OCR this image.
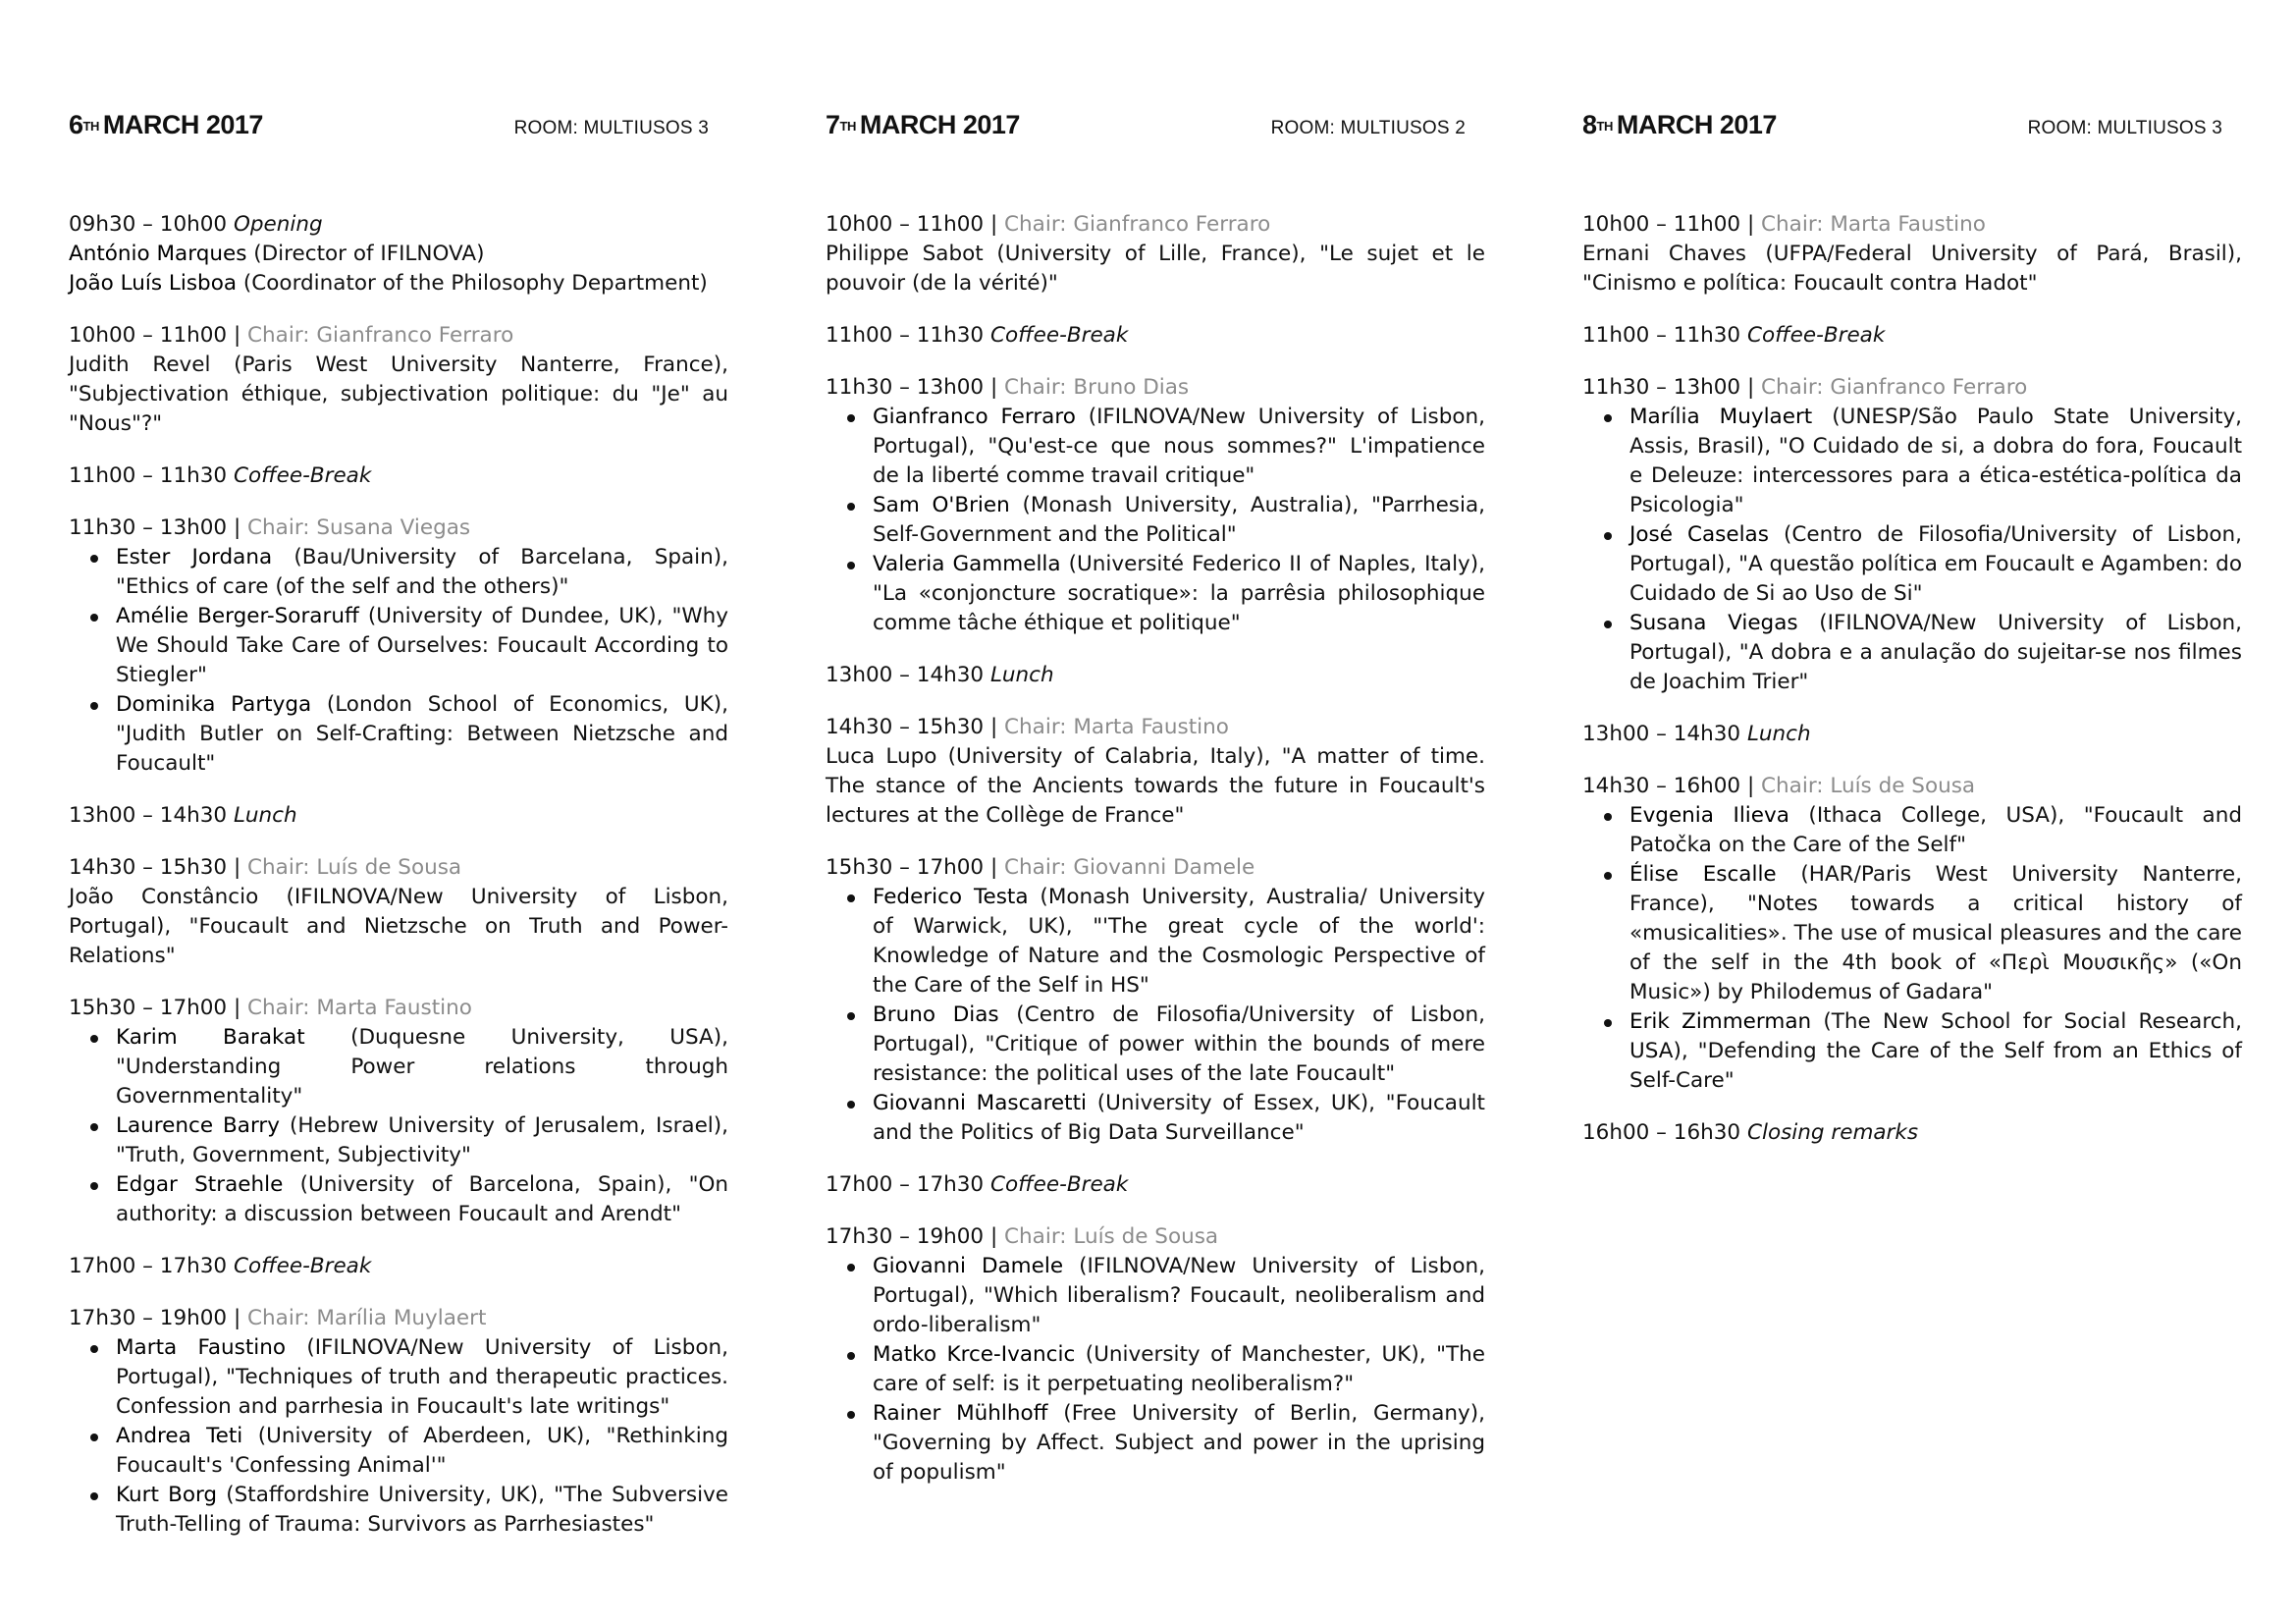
6TH MARCH 2017	ROOM: MULTIUSOS 3
09h30 – 10h00 Opening
António Marques (Director of IFILNOVA)
João Luís Lisboa (Coordinator of the Philosophy Department)
10h00 – 11h00 | Chair: Gianfranco Ferraro
Judith Revel (Paris West University Nanterre, France), "Subjectivation éthique, subjectivation politique: du "Je" au "Nous"?"
11h00 – 11h30 Coffee-Break
11h30 – 13h00 | Chair: Susana Viegas
Ester Jordana (Bau/University of Barcelana, Spain), "Ethics of care (of the self and the others)"
Amélie Berger-Soraruff (University of Dundee, UK), "Why We Should Take Care of Ourselves: Foucault According to Stiegler"
Dominika Partyga (London School of Economics, UK), "Judith Butler on Self-Crafting: Between Nietzsche and Foucault"
13h00 – 14h30 Lunch
14h30 – 15h30 | Chair: Luís de Sousa
João Constâncio (IFILNOVA/New University of Lisbon, Portugal), "Foucault and Nietzsche on Truth and Power-Relations"
15h30 – 17h00 | Chair: Marta Faustino
Karim Barakat (Duquesne University, USA), "Understanding Power relations through Governmentality"
Laurence Barry (Hebrew University of Jerusalem, Israel), "Truth, Government, Subjectivity"
Edgar Straehle (University of Barcelona, Spain), "On authority: a discussion between Foucault and Arendt"
17h00 – 17h30 Coffee-Break
17h30 – 19h00 | Chair: Marília Muylaert
Marta Faustino (IFILNOVA/New University of Lisbon, Portugal), "Techniques of truth and therapeutic practices. Confession and parrhesia in Foucault's late writings"
Andrea Teti (University of Aberdeen, UK), "Rethinking Foucault's 'Confessing Animal'"
Kurt Borg (Staffordshire University, UK), "The Subversive Truth-Telling of Trauma: Survivors as Parrhesiastes"
7TH MARCH 2017	ROOM: MULTIUSOS 2
10h00 – 11h00 | Chair: Gianfranco Ferraro
Philippe Sabot (University of Lille, France), "Le sujet et le pouvoir (de la vérité)"
11h00 – 11h30 Coffee-Break
11h30 – 13h00 | Chair: Bruno Dias
Gianfranco Ferraro (IFILNOVA/New University of Lisbon, Portugal), "Qu'est-ce que nous sommes?" L'impatience de la liberté comme travail critique"
Sam O'Brien (Monash University, Australia), "Parrhesia, Self-Government and the Political"
Valeria Gammella (Université Federico II of Naples, Italy), "La «conjoncture socratique»: la parrêsia philosophique comme tâche éthique et politique"
13h00 – 14h30 Lunch
14h30 – 15h30 | Chair: Marta Faustino
Luca Lupo (University of Calabria, Italy), "A matter of time. The stance of the Ancients towards the future in Foucault's lectures at the Collège de France"
15h30 – 17h00 | Chair: Giovanni Damele
Federico Testa (Monash University, Australia/ University of Warwick, UK), "'The great cycle of the world': Knowledge of Nature and the Cosmologic Perspective of the Care of the Self in HS"
Bruno Dias (Centro de Filosofia/University of Lisbon, Portugal), "Critique of power within the bounds of mere resistance: the political uses of the late Foucault"
Giovanni Mascaretti (University of Essex, UK), "Foucault and the Politics of Big Data Surveillance"
17h00 – 17h30 Coffee-Break
17h30 – 19h00 | Chair: Luís de Sousa
Giovanni Damele (IFILNOVA/New University of Lisbon, Portugal), "Which liberalism? Foucault, neoliberalism and ordo-liberalism"
Matko Krce-Ivancic (University of Manchester, UK), "The care of self: is it perpetuating neoliberalism?"
Rainer Mühlhoff (Free University of Berlin, Germany), "Governing by Affect. Subject and power in the uprising of populism"
8TH MARCH 2017	ROOM: MULTIUSOS 3
10h00 – 11h00 | Chair: Marta Faustino
Ernani Chaves (UFPA/Federal University of Pará, Brasil), "Cinismo e política: Foucault contra Hadot"
11h00 – 11h30 Coffee-Break
11h30 – 13h00 | Chair: Gianfranco Ferraro
Marília Muylaert (UNESP/São Paulo State University, Assis, Brasil), "O Cuidado de si, a dobra do fora, Foucault e Deleuze: intercessores para a ética-estética-política da Psicologia"
José Caselas (Centro de Filosofia/University of Lisbon, Portugal), "A questão política em Foucault e Agamben: do Cuidado de Si ao Uso de Si"
Susana Viegas (IFILNOVA/New University of Lisbon, Portugal), "A dobra e a anulação do sujeitar-se nos filmes de Joachim Trier"
13h00 – 14h30 Lunch
14h30 – 16h00 | Chair: Luís de Sousa
Evgenia Ilieva (Ithaca College, USA), "Foucault and Patočka on the Care of the Self"
Élise Escalle (HAR/Paris West University Nanterre, France), "Notes towards a critical history of «musicalities». The use of musical pleasures and the care of the self in the 4th book of «Περὶ Μουσικῆς» («On Music») by Philodemus of Gadara"
Erik Zimmerman (The New School for Social Research, USA), "Defending the Care of the Self from an Ethics of Self-Care"
16h00 – 16h30 Closing remarks
